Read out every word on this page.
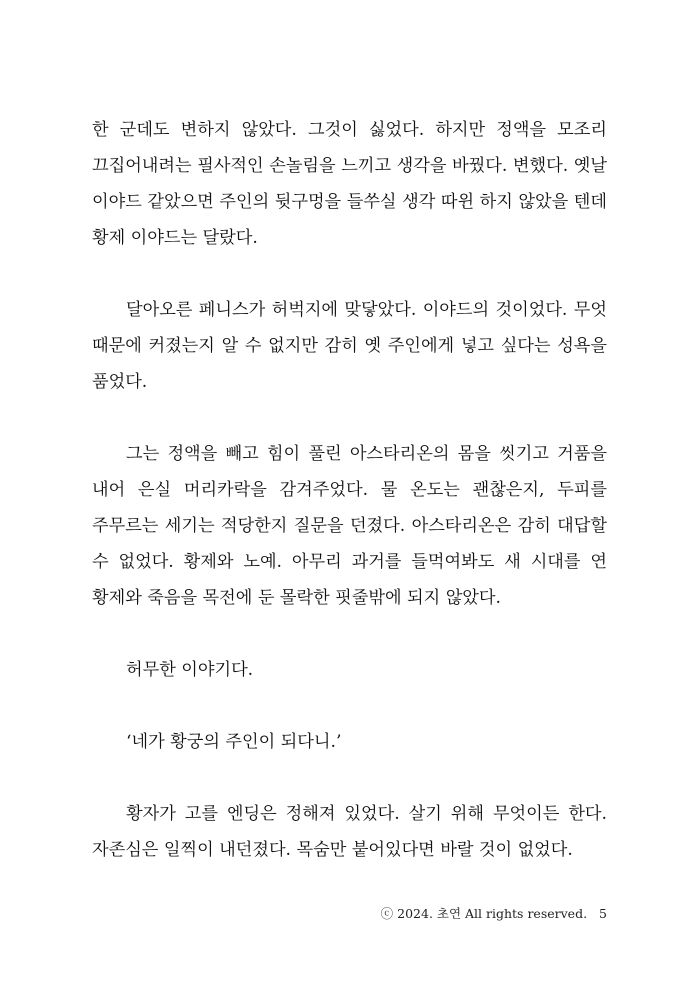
한 군데도 변하지 않았다. 그것이 싫었다. 하지만 정액을 모조리 끄집어내려는 필사적인 손놀림을 느끼고 생각을 바꿨다. 변했다. 옛날 이야드 같았으면 주인의 뒷구멍을 들쑤실 생각 따윈 하지 않았을 텐데 황제 이야드는 달랐다.

달아오른 페니스가 허벅지에 맞닿았다. 이야드의 것이었다. 무엇 때문에 커졌는지 알 수 없지만 감히 옛 주인에게 넣고 싶다는 성욕을 품었다.

그는 정액을 빼고 힘이 풀린 아스타리온의 몸을 씻기고 거품을 내어 은실 머리카락을 감겨주었다. 물 온도는 괜찮은지, 두피를 주무르는 세기는 적당한지 질문을 던졌다. 아스타리온은 감히 대답할 수 없었다. 황제와 노예. 아무리 과거를 들먹여봐도 새 시대를 연 황제와 죽음을 목전에 둔 몰락한 핏줄밖에 되지 않았다.

허무한 이야기다.

‘네가 황궁의 주인이 되다니.’

황자가 고를 엔딩은 정해져 있었다. 살기 위해 무엇이든 한다. 자존심은 일찍이 내던졌다. 목숨만 붙어있다면 바랄 것이 없었다.

ⓒ 2024. 초연 All rights reserved. 5
